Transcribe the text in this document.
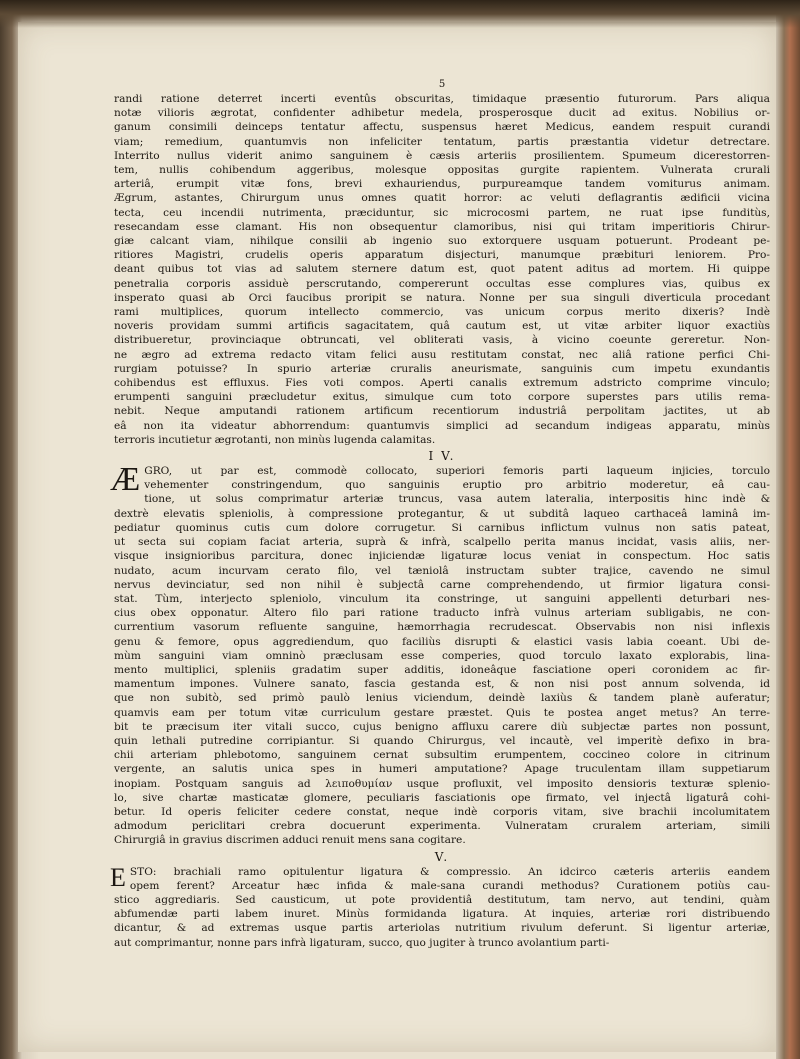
5
randi ratione deterret incerti eventûs obscuritas, timidaque præsentio futurorum. Pars aliqua
notæ vilioris ægrotat, confidenter adhibetur medela, prosperosque ducit ad exitus. Nobilius or-
ganum consimili deinceps tentatur affectu, suspensus hæret Medicus, eandem respuit curandi
viam; remedium, quantumvis non infeliciter tentatum, partis præstantia videtur detrectare.
Interrito nullus viderit animo sanguinem è cæsis arteriis prosilientem. Spumeum dicerestorren-
tem, nullis cohibendum aggeribus, molesque oppositas gurgite rapientem. Vulnerata crurali
arteriâ, erumpit vitæ fons, brevi exhauriendus, purpureamque tandem vomiturus animam.
Ægrum, astantes, Chirurgum unus omnes quatit horror: ac veluti deflagrantis ædificii vicina
tecta, ceu incendii nutrimenta, præciduntur, sic microcosmi partem, ne ruat ipse funditùs,
resecandam esse clamant. His non obsequentur clamoribus, nisi qui tritam imperitioris Chirur-
giæ calcant viam, nihilque consilii ab ingenio suo extorquere usquam potuerunt. Prodeant pe-
ritiores Magistri, crudelis operis apparatum disjecturi, manumque præbituri leniorem. Pro-
deant quibus tot vias ad salutem sternere datum est, quot patent aditus ad mortem. Hi quippe
penetralia corporis assiduè perscrutando, compererunt occultas esse complures vias, quibus ex
insperato quasi ab Orci faucibus proripit se natura. Nonne per sua singuli diverticula procedant
rami multiplices, quorum intellecto commercio, vas unicum corpus merito dixeris? Indè
noveris providam summi artificis sagacitatem, quâ cautum est, ut vitæ arbiter liquor exactiùs
distribueretur, provinciaque obtruncati, vel obliterati vasis, à vicino coeunte gereretur. Non-
ne ægro ad extrema redacto vitam felici ausu restitutam constat, nec aliâ ratione perfici Chi-
rurgiam potuisse? In spurio arteriæ cruralis aneurismate, sanguinis cum impetu exundantis
cohibendus est effluxus. Fies voti compos. Aperti canalis extremum adstricto comprime vinculo;
erumpenti sanguini præcludetur exitus, simulque cum toto corpore superstes pars utilis rema-
nebit. Neque amputandi rationem artificum recentiorum industriâ perpolitam jactites, ut ab
eâ non ita videatur abhorrendum: quantumvis simplici ad secandum indigeas apparatu, minùs
terroris incutietur ægrotanti, non minùs lugenda calamitas.
I V.
Æ GRO, ut par est, commodè collocato, superiori femoris parti laqueum injicies, torculo
vehementer constringendum, quo sanguinis eruptio pro arbitrio moderetur, eâ cau-
tione, ut solus comprimatur arteriæ truncus, vasa autem lateralia, interpositis hinc indè &
dextrè elevatis spleniolis, à compressione protegantur, & ut subditâ laqueo carthaceâ laminâ im-
pediatur quominus cutis cum dolore corrugetur. Si carnibus inflictum vulnus non satis pateat,
ut secta sui copiam faciat arteria, suprà & infrà, scalpello perita manus incidat, vasis aliis, ner-
visque insignioribus parcitura, donec injiciendæ ligaturæ locus veniat in conspectum. Hoc satis
nudato, acum incurvam cerato filo, vel tæniolâ instructam subter trajice, cavendo ne simul
nervus devinciatur, sed non nihil è subjectâ carne comprehendendo, ut firmior ligatura consi-
stat. Tùm, interjecto spleniolo, vinculum ita constringe, ut sanguini appellenti deturbari nes-
cius obex opponatur. Altero filo pari ratione traducto infrà vulnus arteriam subligabis, ne con-
currentium vasorum refluente sanguine, hæmorrhagia recrudescat. Observabis non nisi inflexis
genu & femore, opus aggrediendum, quo faciliùs disrupti & elastici vasis labia coeant. Ubi de-
mùm sanguini viam omninò præclusam esse comperies, quod torculo laxato explorabis, lina-
mento multiplici, spleniis gradatim super additis, idoneâque fasciatione operi coronidem ac fir-
mamentum impones. Vulnere sanato, fascia gestanda est, & non nisi post annum solvenda, id
que non subitò, sed primò paulò lenius viciendum, deindè laxiùs & tandem planè auferatur;
quamvis eam per totum vitæ curriculum gestare præstet. Quis te postea anget metus? An terre-
bit te præcisum iter vitali succo, cujus benigno affluxu carere diù subjectæ partes non possunt,
quin lethali putredine corripiantur. Si quando Chirurgus, vel incautè, vel imperitè defixo in bra-
chii arteriam phlebotomo, sanguinem cernat subsultim erumpentem, coccineo colore in citrinum
vergente, an salutis unica spes in humeri amputatione? Apage truculentam illam suppetiarum
inopiam. Postquam sanguis ad λειποθυμίαν usque profluxit, vel imposito densioris texturæ splenio-
lo, sive chartæ masticatæ glomere, peculiaris fasciationis ope firmato, vel injectâ ligaturâ cohi-
betur. Id operis feliciter cedere constat, neque indè corporis vitam, sive brachii incolumitatem
admodum periclitari crebra docuerunt experimenta. Vulneratam cruralem arteriam, simili
Chirurgiâ in gravius discrimen adduci renuit mens sana cogitare.
V.
E STO: brachiali ramo opitulentur ligatura & compressio. An idcirco cæteris arteriis eandem
opem ferent? Arceatur hæc infida & male-sana curandi methodus? Curationem potiùs cau-
stico aggrediaris. Sed causticum, ut pote providentiâ destitutum, tam nervo, aut tendini, quàm
abfumendæ parti labem inuret. Minùs formidanda ligatura. At inquies, arteriæ rori distribuendo
dicantur, & ad extremas usque partis arteriolas nutritium rivulum deferunt. Si ligentur arteriæ,
aut comprimantur, nonne pars infrà ligaturam, succo, quo jugiter à trunco avolantium parti-
